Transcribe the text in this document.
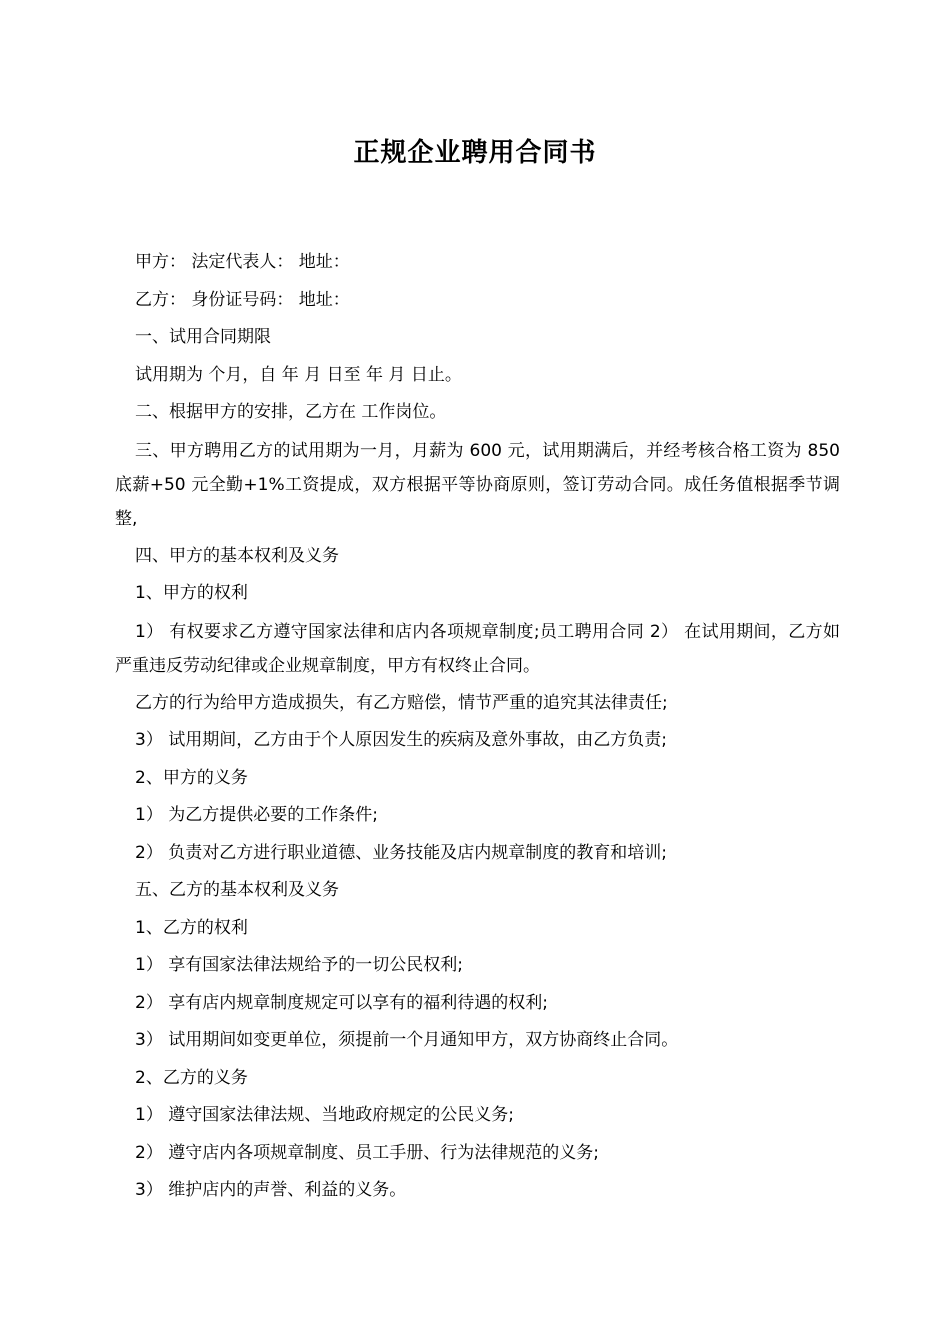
正规企业聘用合同书

甲方： 法定代表人： 地址：

乙方： 身份证号码： 地址：

一、试用合同期限

试用期为 个月，自 年 月 日至 年 月 日止。

二、根据甲方的安排，乙方在 工作岗位。

三、甲方聘用乙方的试用期为一月，月薪为 600 元，试用期满后，并经考核合格工资为 850 底薪+50 元全勤+1%工资提成，双方根据平等协商原则，签订劳动合同。成任务值根据季节调整,

四、甲方的基本权利及义务

1、甲方的权利

1） 有权要求乙方遵守国家法律和店内各项规章制度;员工聘用合同 2） 在试用期间，乙方如严重违反劳动纪律或企业规章制度，甲方有权终止合同。

乙方的行为给甲方造成损失，有乙方赔偿，情节严重的追究其法律责任;

3） 试用期间，乙方由于个人原因发生的疾病及意外事故，由乙方负责;

2、甲方的义务

1） 为乙方提供必要的工作条件;

2） 负责对乙方进行职业道德、业务技能及店内规章制度的教育和培训;

五、乙方的基本权利及义务

1、乙方的权利

1） 享有国家法律法规给予的一切公民权利;

2） 享有店内规章制度规定可以享有的福利待遇的权利;

3） 试用期间如变更单位，须提前一个月通知甲方，双方协商终止合同。

2、乙方的义务

1） 遵守国家法律法规、当地政府规定的公民义务;

2） 遵守店内各项规章制度、员工手册、行为法律规范的义务;

3） 维护店内的声誉、利益的义务。
